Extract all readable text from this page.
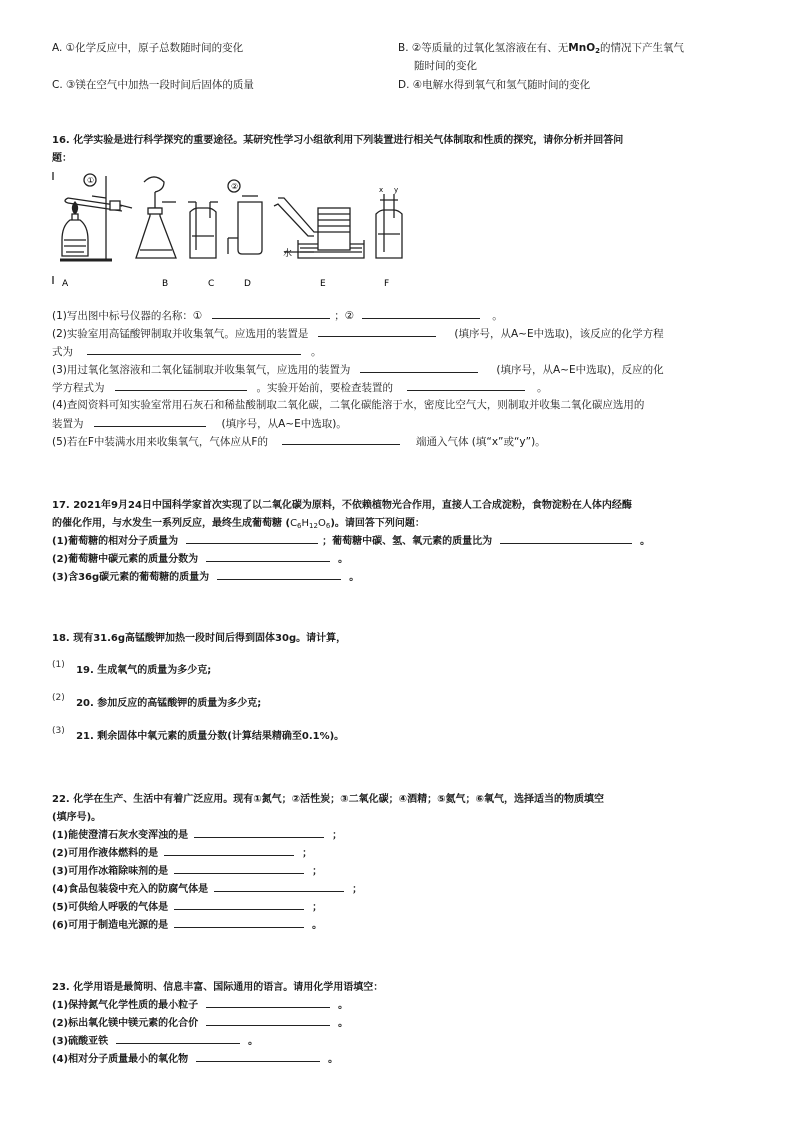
A. ①化学反应中，原子总数随时间的变化	B. ②等质量的过氧化氢溶液在有、无MnO$_2$的情况下产生氧气
随时间的变化
C. ③镁在空气中加热一段时间后固体的质量	D. ④电解水得到氧气和氢气随时间的变化
16. 化学实验是进行科学探究的重要途径。某研究性学习小组欲利用下列装置进行相关气体制取和性质的探究，请你分析并回答问
题：
①
②
水
x y
A	B	C	D	E	F
(1)写出图中标号仪器的名称：①	；②	。
(2)实验室用高锰酸钾制取并收集氧气。应选用的装置是	(填序号，从A~E中选取)，该反应的化学方程
式为	。
(3)用过氧化氢溶液和二氧化锰制取并收集氧气，应选用的装置为	(填序号，从A~E中选取)，反应的化
学方程式为	。实验开始前，要检查装置的	。
(4)查阅资料可知实验室常用石灰石和稀盐酸制取二氧化碳，二氧化碳能溶于水，密度比空气大，则制取并收集二氧化碳应选用的
装置为	(填序号，从A~E中选取)。
(5)若在F中装满水用来收集氧气，气体应从F的	端通入气体 (填“x”或“y”)。
17. 2021年9月24日中国科学家首次实现了以二氧化碳为原料，不依赖植物光合作用，直接人工合成淀粉，食物淀粉在人体内经酶
的催化作用，与水发生一系列反应，最终生成葡萄糖 $(C_6H_{12}O_6)$。请回答下列问题：
(1)葡萄糖的相对分子质量为	；葡萄糖中碳、氢、氧元素的质量比为	。
(2)葡萄糖中碳元素的质量分数为	。
(3)含36g碳元素的葡萄糖的质量为	。
18. 现有31.6g高锰酸钾加热一段时间后得到固体30g。请计算，
(1) 19. 生成氧气的质量为多少克;
(2) 20. 参加反应的高锰酸钾的质量为多少克;
(3) 21. 剩余固体中氧元素的质量分数(计算结果精确至0.1%)。
22. 化学在生产、生活中有着广泛应用。现有①氮气；②活性炭；③二氧化碳；④酒精；⑤氦气；⑥氧气，选择适当的物质填空
(填序号)。
(1)能使澄清石灰水变浑浊的是	；
(2)可用作液体燃料的是	；
(3)可用作冰箱除味剂的是	；
(4)食品包装袋中充入的防腐气体是	；
(5)可供给人呼吸的气体是	；
(6)可用于制造电光源的是	。
23. 化学用语是最简明、信息丰富、国际通用的语言。请用化学用语填空：
(1)保持氮气化学性质的最小粒子	。
(2)标出氧化镁中镁元素的化合价	。
(3)硫酸亚铁	。
(4)相对分子质量最小的氧化物	。
